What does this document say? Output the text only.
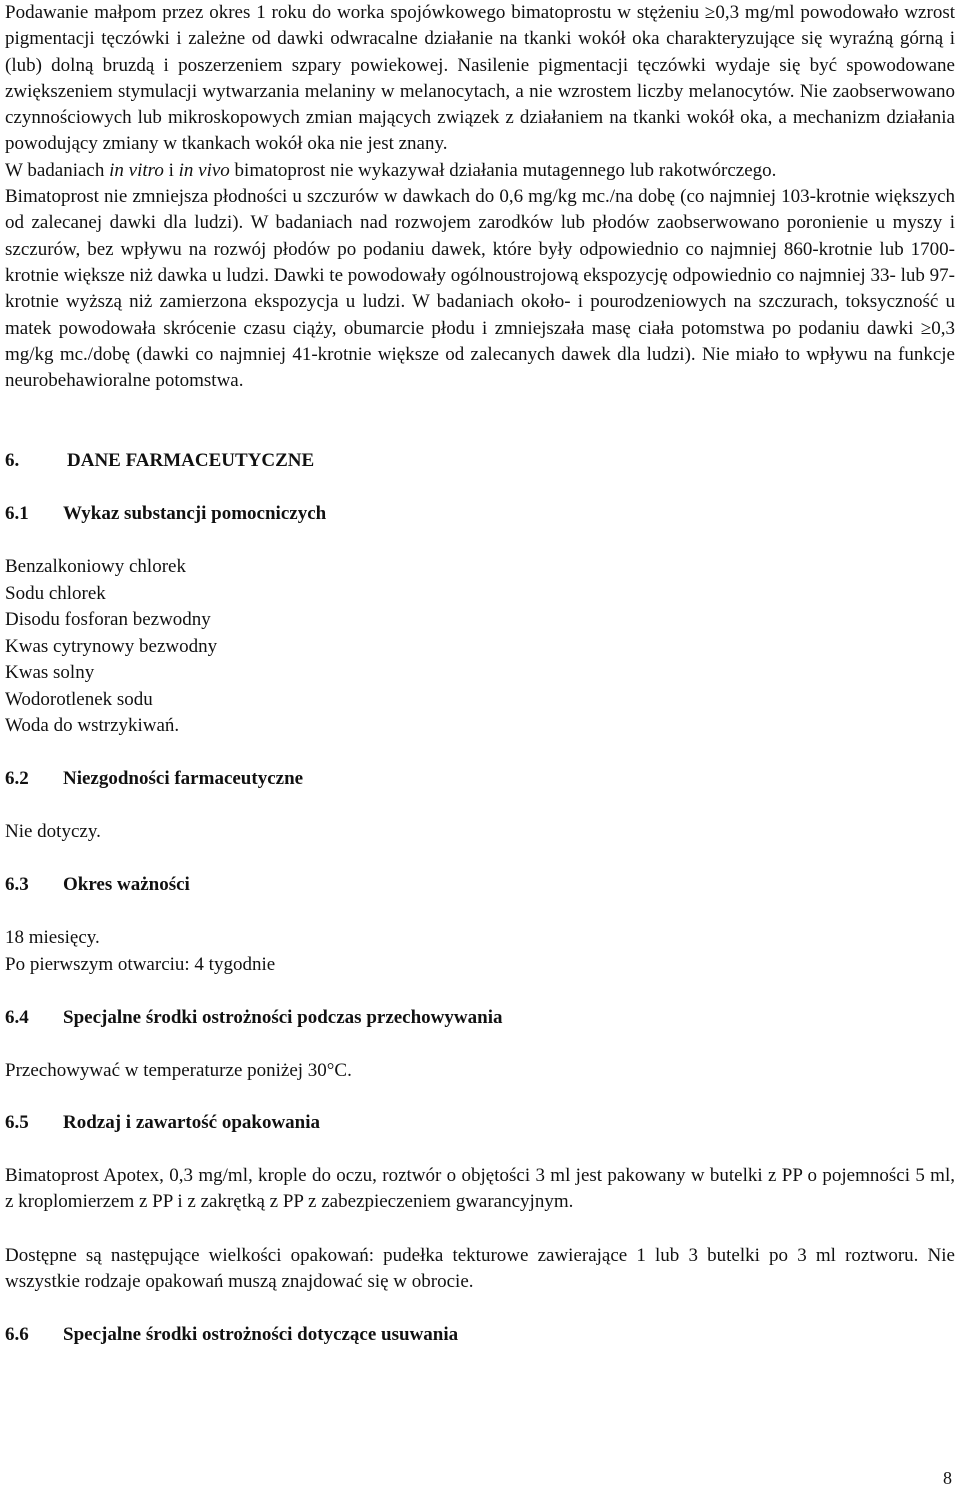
Podawanie małpom przez okres 1 roku do worka spojówkowego bimatoprostu w stężeniu ≥0,3 mg/ml powodowało wzrost pigmentacji tęczówki i zależne od dawki odwracalne działanie na tkanki wokół oka charakteryzujące się wyraźną górną i (lub) dolną bruzdą i poszerzeniem szpary powiekowej. Nasilenie pigmentacji tęczówki wydaje się być spowodowane zwiększeniem stymulacji wytwarzania melaniny w melanocytach, a nie wzrostem liczby melanocytów. Nie zaobserwowano czynnościowych lub mikroskopowych zmian mających związek z działaniem na tkanki wokół oka, a mechanizm działania powodujący zmiany w tkankach wokół oka nie jest znany.

W badaniach in vitro i in vivo bimatoprost nie wykazywał działania mutagennego lub rakotwórczego.

Bimatoprost nie zmniejsza płodności u szczurów w dawkach do 0,6 mg/kg mc./na dobę (co najmniej 103-krotnie większych od zalecanej dawki dla ludzi). W badaniach nad rozwojem zarodków lub płodów zaobserwowano poronienie u myszy i szczurów, bez wpływu na rozwój płodów po podaniu dawek, które były odpowiednio co najmniej 860-krotnie lub 1700-krotnie większe niż dawka u ludzi. Dawki te powodowały ogólnoustrojową ekspozycję odpowiednio co najmniej 33- lub 97-krotnie wyższą niż zamierzona ekspozycja u ludzi. W badaniach około- i pourodzeniowych na szczurach, toksyczność u matek powodowała skrócenie czasu ciąży, obumarcie płodu i zmniejszała masę ciała potomstwa po podaniu dawki ≥0,3 mg/kg mc./dobę (dawki co najmniej 41-krotnie większe od zalecanych dawek dla ludzi). Nie miało to wpływu na funkcje neurobehawioralne potomstwa.

6.	DANE FARMACEUTYCZNE
6.1	Wykaz substancji pomocniczych

Benzalkoniowy chlorek

Sodu chlorek

Disodu fosforan bezwodny

Kwas cytrynowy bezwodny

Kwas solny

Wodorotlenek sodu

Woda do wstrzykiwań.

6.2	Niezgodności farmaceutyczne

Nie dotyczy.

6.3	Okres ważności

18 miesięcy.

Po pierwszym otwarciu: 4 tygodnie

6.4	Specjalne środki ostrożności podczas przechowywania

Przechowywać w temperaturze poniżej 30°C.

6.5	Rodzaj i zawartość opakowania

Bimatoprost Apotex, 0,3 mg/ml, krople do oczu, roztwór o objętości 3 ml jest pakowany w butelki z PP o pojemności 5 ml, z kroplomierzem z PP i z zakrętką z PP z zabezpieczeniem gwarancyjnym.

Dostępne są następujące wielkości opakowań: pudełka tekturowe zawierające 1 lub 3 butelki po 3 ml roztworu. Nie wszystkie rodzaje opakowań muszą znajdować się w obrocie.

6.6	Specjalne środki ostrożności dotyczące usuwania
8
